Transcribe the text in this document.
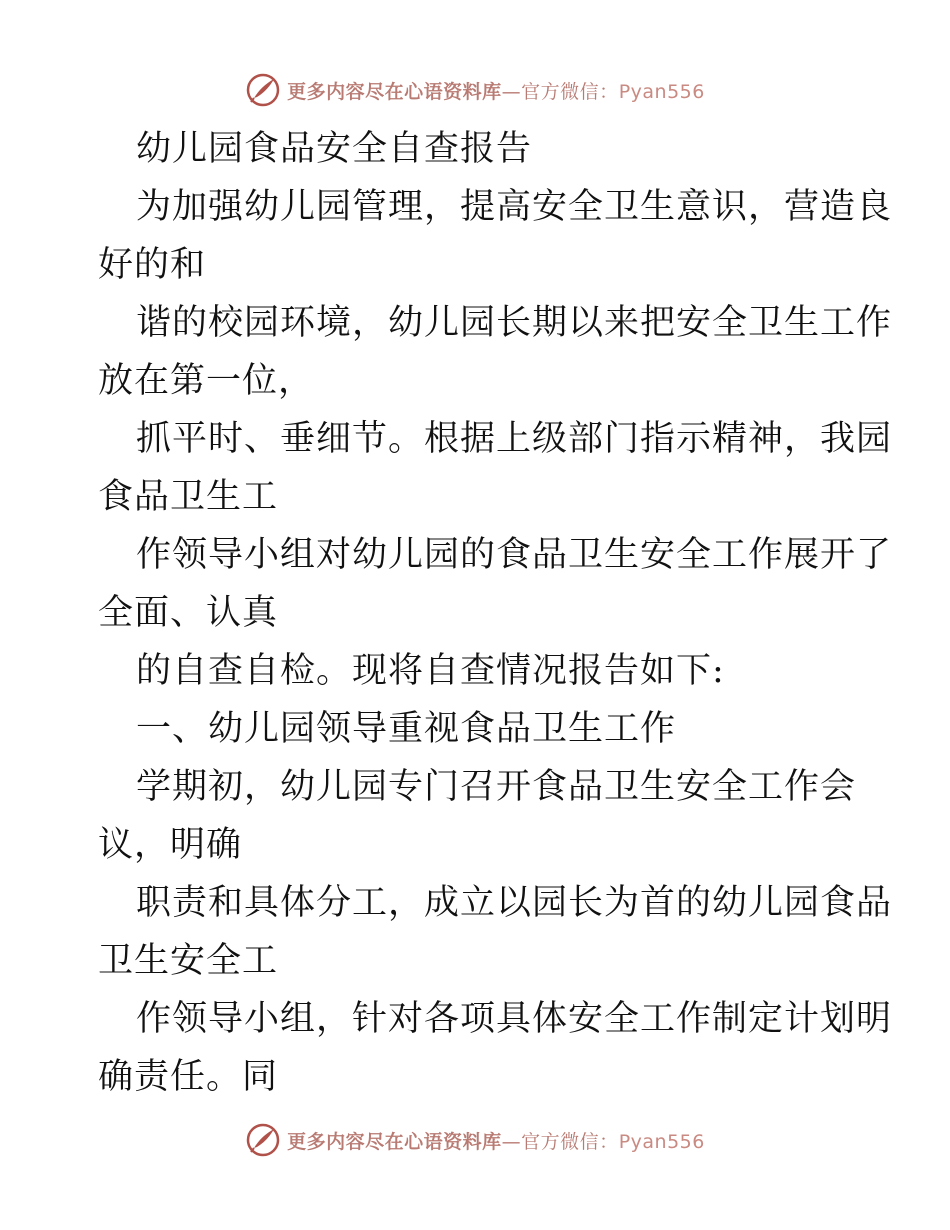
更多内容尽在心语资料库—官方微信：Pyan556
幼儿园食品安全自查报告
为加强幼儿园管理，提高安全卫生意识，营造良
好的和
谐的校园环境，幼儿园长期以来把安全卫生工作
放在第一位，
抓平时、垂细节。根据上级部门指示精神，我园
食品卫生工
作领导小组对幼儿园的食品卫生安全工作展开了
全面、认真
的自查自检。现将自查情况报告如下:
一、幼儿园领导重视食品卫生工作
学期初，幼儿园专门召开食品卫生安全工作会
议，明确
职责和具体分工，成立以园长为首的幼儿园食品
卫生安全工
作领导小组，针对各项具体安全工作制定计划明
确责任。同
更多内容尽在心语资料库—官方微信：Pyan556
